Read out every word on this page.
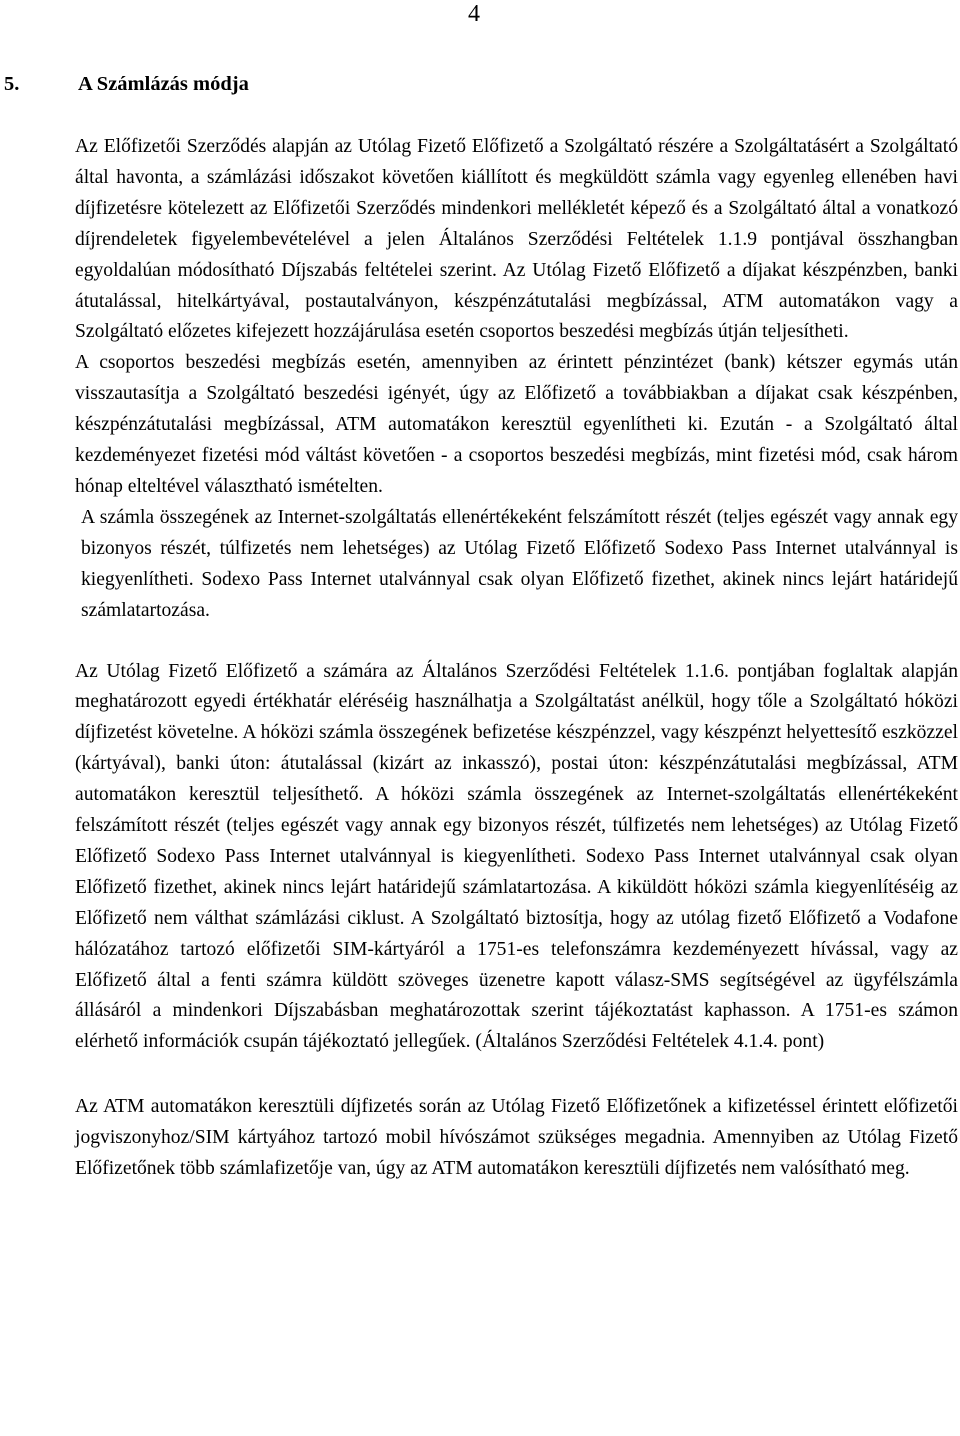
4
5.	A Számlázás módja

Az Előfizetői Szerződés alapján az Utólag Fizető Előfizető a Szolgáltató részére a Szolgáltatásért a Szolgáltató által havonta, a számlázási időszakot követően kiállított és megküldött számla vagy egyenleg ellenében havi díjfizetésre kötelezett az Előfizetői Szerződés mindenkori mellékletét képező és a Szolgáltató által a vonatkozó díjrendeletek figyelembevételével a jelen Általános Szerződési Feltételek 1.1.9 pontjával összhangban egyoldalúan módosítható Díjszabás feltételei szerint. Az Utólag Fizető Előfizető a díjakat készpénzben, banki átutalással, hitelkártyával, postautalványon, készpénzátutalási megbízással, ATM automatákon vagy a Szolgáltató előzetes kifejezett hozzájárulása esetén csoportos beszedési megbízás útján teljesítheti.

A csoportos beszedési megbízás esetén, amennyiben az érintett pénzintézet (bank) kétszer egymás után visszautasítja a Szolgáltató beszedési igényét, úgy az Előfizető a továbbiakban a díjakat csak készpénben, készpénzátutalási megbízással, ATM automatákon keresztül egyenlítheti ki. Ezután - a Szolgáltató által kezdeményezet fizetési mód váltást követően - a csoportos beszedési megbízás, mint fizetési mód, csak három hónap elteltével választható ismételten.

A számla összegének az Internet-szolgáltatás ellenértékeként felszámított részét (teljes egészét vagy annak egy bizonyos részét, túlfizetés nem lehetséges) az Utólag Fizető Előfizető Sodexo Pass Internet utalvánnyal is kiegyenlítheti. Sodexo Pass Internet utalvánnyal csak olyan Előfizető fizethet, akinek nincs lejárt határidejű számlatartozása.

Az Utólag Fizető Előfizető a számára az Általános Szerződési Feltételek 1.1.6. pontjában foglaltak alapján meghatározott egyedi értékhatár eléréséig használhatja a Szolgáltatást anélkül, hogy tőle a Szolgáltató hóközi díjfizetést követelne. A hóközi számla összegének befizetése készpénzzel, vagy készpénzt helyettesítő eszközzel (kártyával), banki úton: átutalással (kizárt az inkasszó), postai úton: készpénzátutalási megbízással, ATM automatákon keresztül teljesíthető. A hóközi számla összegének az Internet-szolgáltatás ellenértékeként felszámított részét (teljes egészét vagy annak egy bizonyos részét, túlfizetés nem lehetséges) az Utólag Fizető Előfizető Sodexo Pass Internet utalvánnyal is kiegyenlítheti. Sodexo Pass Internet utalvánnyal csak olyan Előfizető fizethet, akinek nincs lejárt határidejű számlatartozása. A kiküldött hóközi számla kiegyenlítéséig az Előfizető nem válthat számlázási ciklust. A Szolgáltató biztosítja, hogy az utólag fizető Előfizető a Vodafone hálózatához tartozó előfizetői SIM-kártyáról a 1751-es telefonszámra kezdeményezett hívással, vagy az Előfizető által a fenti számra küldött szöveges üzenetre kapott válasz-SMS segítségével az ügyfélszámla állásáról a mindenkori Díjszabásban meghatározottak szerint tájékoztatást kaphasson. A 1751-es számon elérhető információk csupán tájékoztató jellegűek. (Általános Szerződési Feltételek 4.1.4. pont)

Az ATM automatákon keresztüli díjfizetés során az Utólag Fizető Előfizetőnek a kifizetéssel érintett előfizetői jogviszonyhoz/SIM kártyához tartozó mobil hívószámot szükséges megadnia. Amennyiben az Utólag Fizető Előfizetőnek több számlafizetője van, úgy az ATM automatákon keresztüli díjfizetés nem valósítható meg.
